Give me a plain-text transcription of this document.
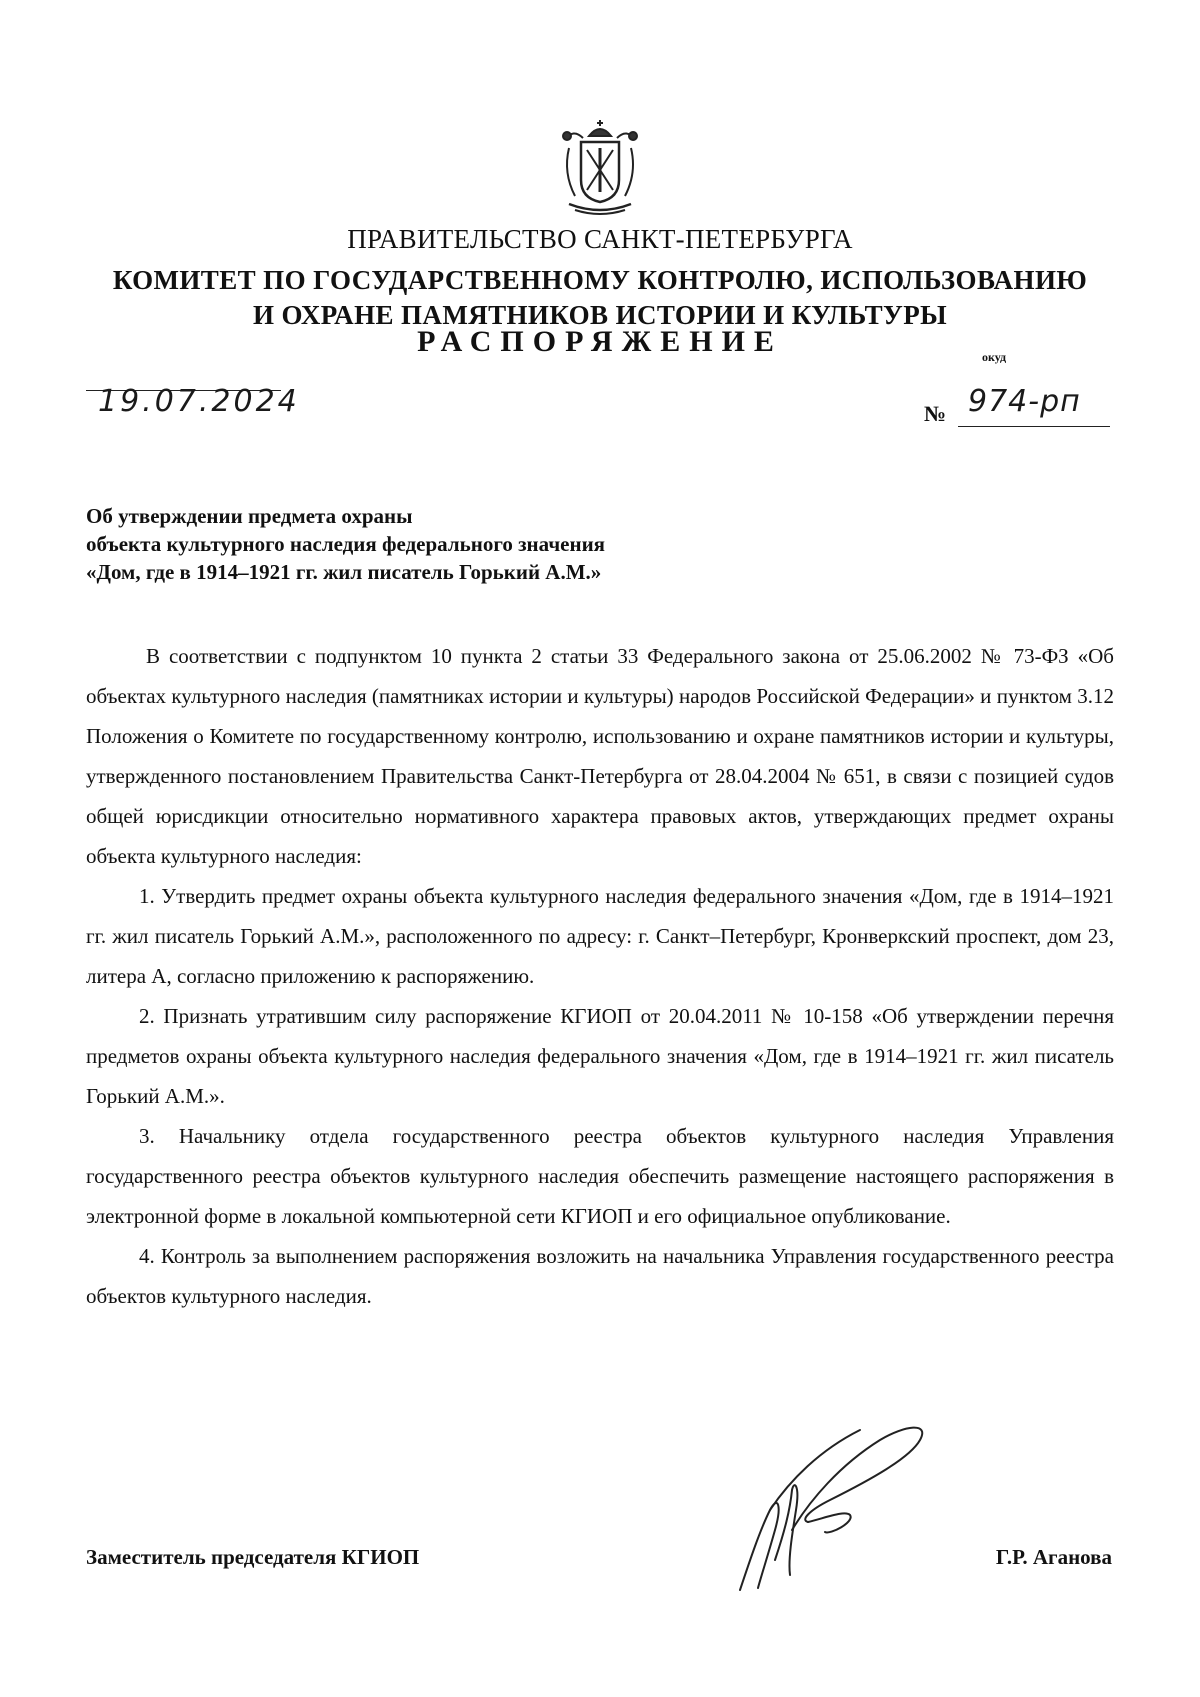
ПРАВИТЕЛЬСТВО САНКТ-ПЕТЕРБУРГА
КОМИТЕТ ПО ГОСУДАРСТВЕННОМУ КОНТРОЛЮ, ИСПОЛЬЗОВАНИЮ
И ОХРАНЕ ПАМЯТНИКОВ ИСТОРИИ И КУЛЬТУРЫ
РАСПОРЯЖЕНИЕ	окуд
19.07.2024	№ 974-рп
Об утверждении предмета охраны
объекта культурного наследия федерального значения
«Дом, где в 1914–1921 гг. жил писатель Горький А.М.»

В соответствии с подпунктом 10 пункта 2 статьи 33 Федерального закона от 25.06.2002 № 73-ФЗ «Об объектах культурного наследия (памятниках истории и культуры) народов Российской Федерации» и пунктом 3.12 Положения о Комитете по государственному контролю, использованию и охране памятников истории и культуры, утвержденного постановлением Правительства Санкт-Петербурга от 28.04.2004 № 651, в связи с позицией судов общей юрисдикции относительно нормативного характера правовых актов, утверждающих предмет охраны объекта культурного наследия:

1. Утвердить предмет охраны объекта культурного наследия федерального значения «Дом, где в 1914–1921 гг. жил писатель Горький А.М.», расположенного по адресу: г. Санкт–Петербург, Кронверкский проспект, дом 23, литера А, согласно приложению к распоряжению.

2. Признать утратившим силу распоряжение КГИОП от 20.04.2011 № 10-158 «Об утверждении перечня предметов охраны объекта культурного наследия федерального значения «Дом, где в 1914–1921 гг. жил писатель Горький А.М.».

3. Начальнику отдела государственного реестра объектов культурного наследия Управления государственного реестра объектов культурного наследия обеспечить размещение настоящего распоряжения в электронной форме в локальной компьютерной сети КГИОП и его официальное опубликование.

4. Контроль за выполнением распоряжения возложить на начальника Управления государственного реестра объектов культурного наследия.

Заместитель председателя КГИОП	Г.Р. Аганова
